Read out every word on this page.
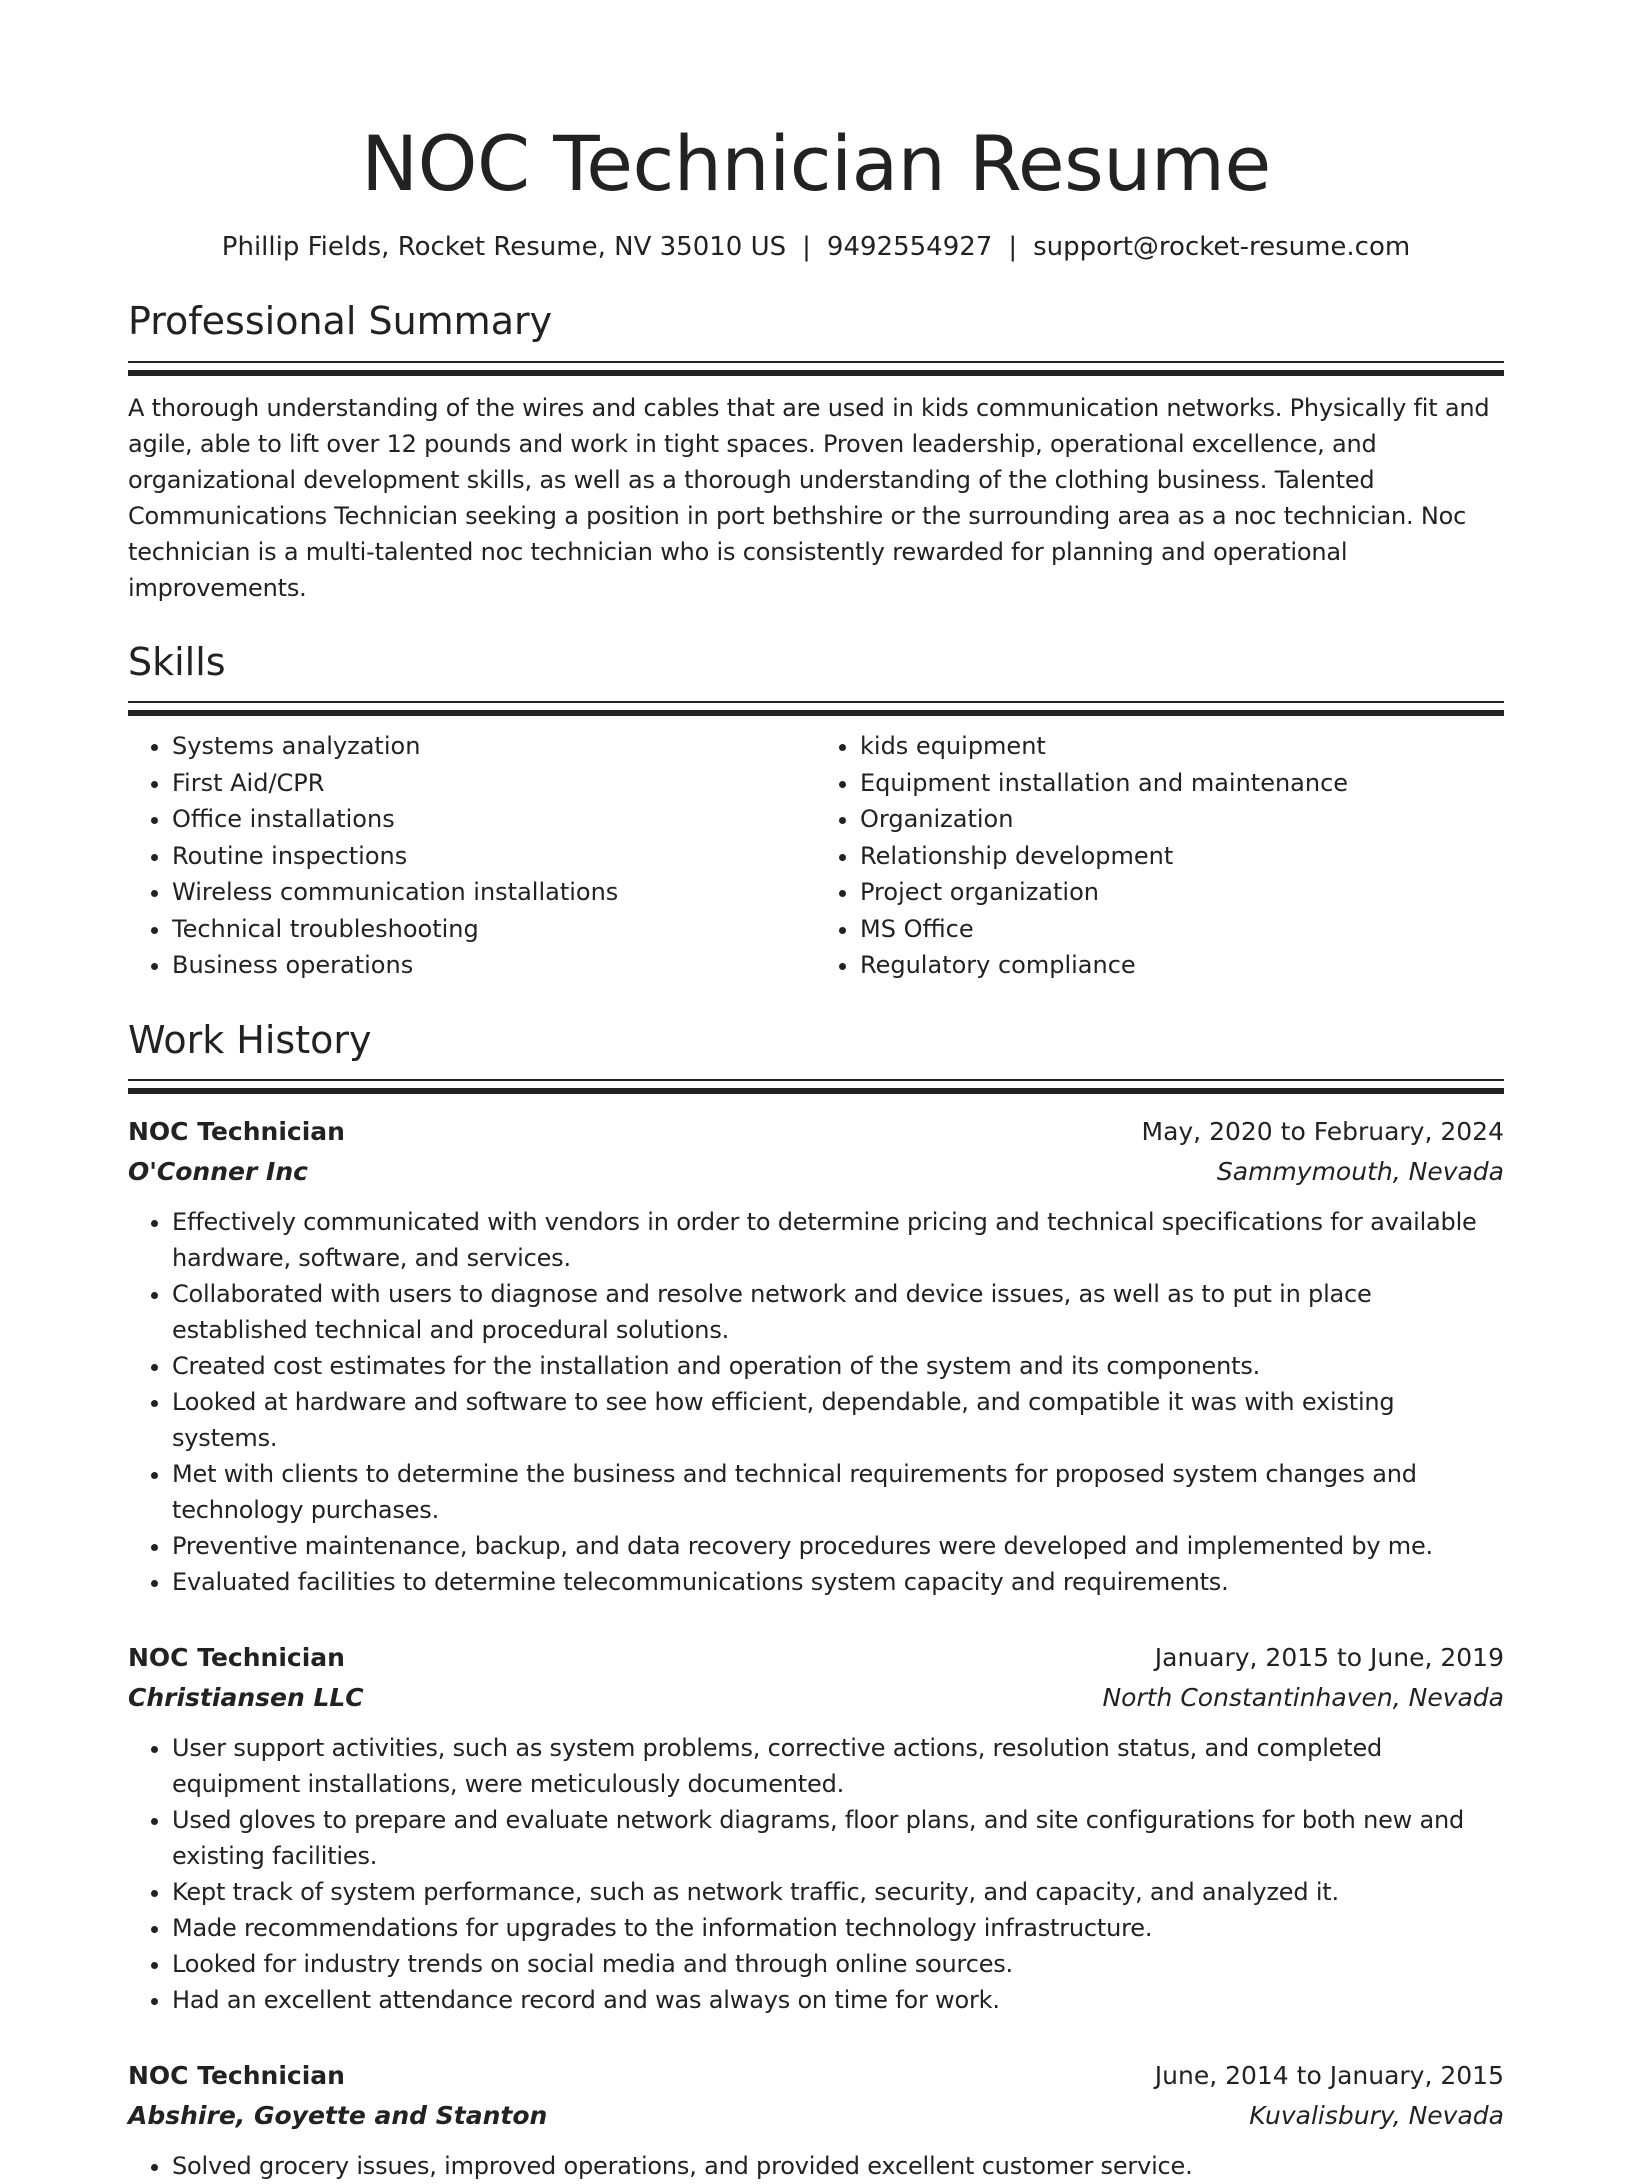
NOC Technician Resume
Phillip Fields, Rocket Resume, NV 35010 US | 9492554927 | support@rocket-resume.com
Professional Summary

A thorough understanding of the wires and cables that are used in kids communication networks. Physically fit and agile, able to lift over 12 pounds and work in tight spaces. Proven leadership, operational excellence, and organizational development skills, as well as a thorough understanding of the clothing business. Talented Communications Technician seeking a position in port bethshire or the surrounding area as a noc technician. Noc technician is a multi-talented noc technician who is consistently rewarded for planning and operational improvements.

Skills
• Systems analyzation
• First Aid/CPR
• Office installations
• Routine inspections
• Wireless communication installations
• Technical troubleshooting
• Business operations
• kids equipment
• Equipment installation and maintenance
• Organization
• Relationship development
• Project organization
• MS Office
• Regulatory compliance
Work History
NOC Technician	May, 2020 to February, 2024
O'Conner Inc	Sammymouth, Nevada
• Effectively communicated with vendors in order to determine pricing and technical specifications for available hardware, software, and services.
• Collaborated with users to diagnose and resolve network and device issues, as well as to put in place established technical and procedural solutions.
• Created cost estimates for the installation and operation of the system and its components.
• Looked at hardware and software to see how efficient, dependable, and compatible it was with existing systems.
• Met with clients to determine the business and technical requirements for proposed system changes and technology purchases.
• Preventive maintenance, backup, and data recovery procedures were developed and implemented by me.
• Evaluated facilities to determine telecommunications system capacity and requirements.
NOC Technician	January, 2015 to June, 2019
Christiansen LLC	North Constantinhaven, Nevada
• User support activities, such as system problems, corrective actions, resolution status, and completed equipment installations, were meticulously documented.
• Used gloves to prepare and evaluate network diagrams, floor plans, and site configurations for both new and existing facilities.
• Kept track of system performance, such as network traffic, security, and capacity, and analyzed it.
• Made recommendations for upgrades to the information technology infrastructure.
• Looked for industry trends on social media and through online sources.
• Had an excellent attendance record and was always on time for work.
NOC Technician	June, 2014 to January, 2015
Abshire, Goyette and Stanton	Kuvalisbury, Nevada
• Solved grocery issues, improved operations, and provided excellent customer service.
